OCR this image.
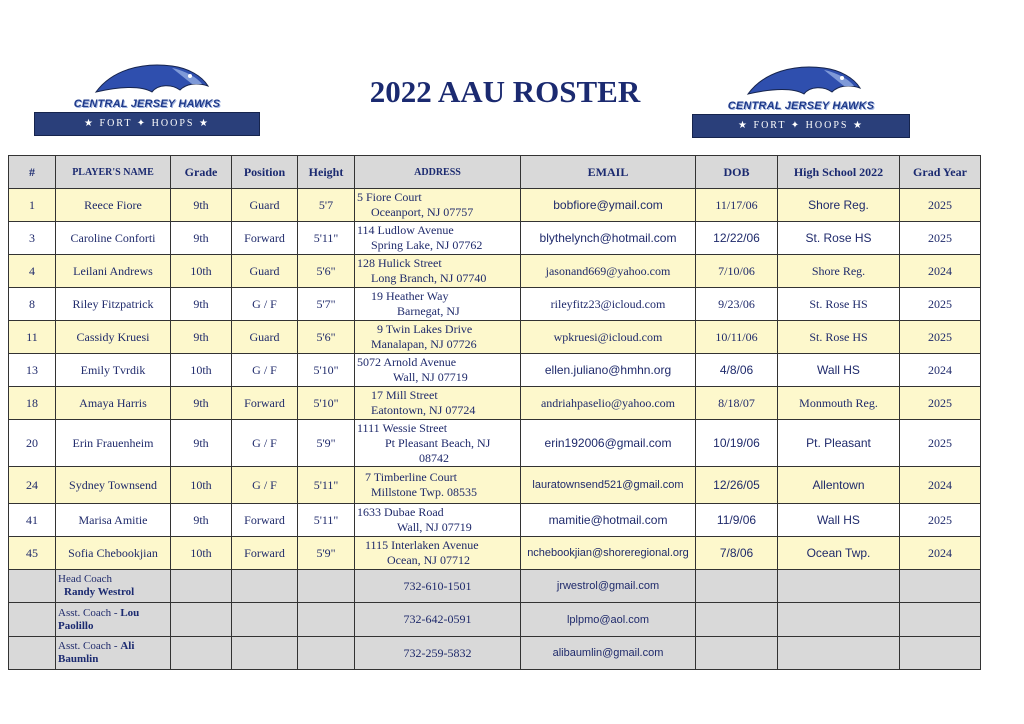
CENTRAL JERSEY HAWKS
★ FORT ✦ HOOPS ★
2022 AAU ROSTER	CENTRAL JERSEY HAWKS
★ FORT ✦ HOOPS ★
#	PLAYER'S NAME	Grade	Position	Height	ADDRESS	EMAIL	DOB	High School 2022	Grad Year
1	Reece Fiore	9th	Guard	5'7	5 Fiore Court
Oceanport, NJ 07757	bobfiore@ymail.com	11/17/06	Shore Reg.	2025
3	Caroline Conforti	9th	Forward	5'11"	114 Ludlow Avenue
Spring Lake, NJ 07762	blythelynch@hotmail.com	12/22/06	St. Rose HS	2025
4	Leilani Andrews	10th	Guard	5'6"	128 Hulick Street
Long Branch, NJ 07740	jasonand669@yahoo.com	7/10/06	Shore Reg.	2024
8	Riley Fitzpatrick	9th	G / F	5'7"	19 Heather Way
Barnegat, NJ	rileyfitz23@icloud.com	9/23/06	St. Rose HS	2025
11	Cassidy Kruesi	9th	Guard	5'6"	9 Twin Lakes Drive
Manalapan, NJ 07726	wpkruesi@icloud.com	10/11/06	St. Rose HS	2025
13	Emily Tvrdik	10th	G / F	5'10"	5072 Arnold Avenue
Wall, NJ 07719	ellen.juliano@hmhn.org	4/8/06	Wall HS	2024
18	Amaya Harris	9th	Forward	5'10"	17 Mill Street
Eatontown, NJ 07724	andriahpaselio@yahoo.com	8/18/07	Monmouth Reg.	2025
20	Erin Frauenheim	9th	G / F	5'9"	1111 Wessie Street
Pt Pleasant Beach, NJ
08742	erin192006@gmail.com	10/19/06	Pt. Pleasant	2025
24	Sydney Townsend	10th	G / F	5'11"	7 Timberline Court
Millstone Twp. 08535	lauratownsend521@gmail.com	12/26/05	Allentown	2024
41	Marisa Amitie	9th	Forward	5'11"	1633 Dubae Road
Wall, NJ 07719	mamitie@hotmail.com	11/9/06	Wall HS	2025
45	Sofia Chebookjian	10th	Forward	5'9"	1115 Interlaken Avenue
Ocean, NJ 07712	nchebookjian@shoreregional.org	7/8/06	Ocean Twp.	2024
	Head Coach
Randy Westrol				732-610-1501	jrwestrol@gmail.com			
	Asst. Coach - Lou Paolillo				732-642-0591	lplpmo@aol.com			
	Asst. Coach - Ali Baumlin				732-259-5832	alibaumlin@gmail.com			
